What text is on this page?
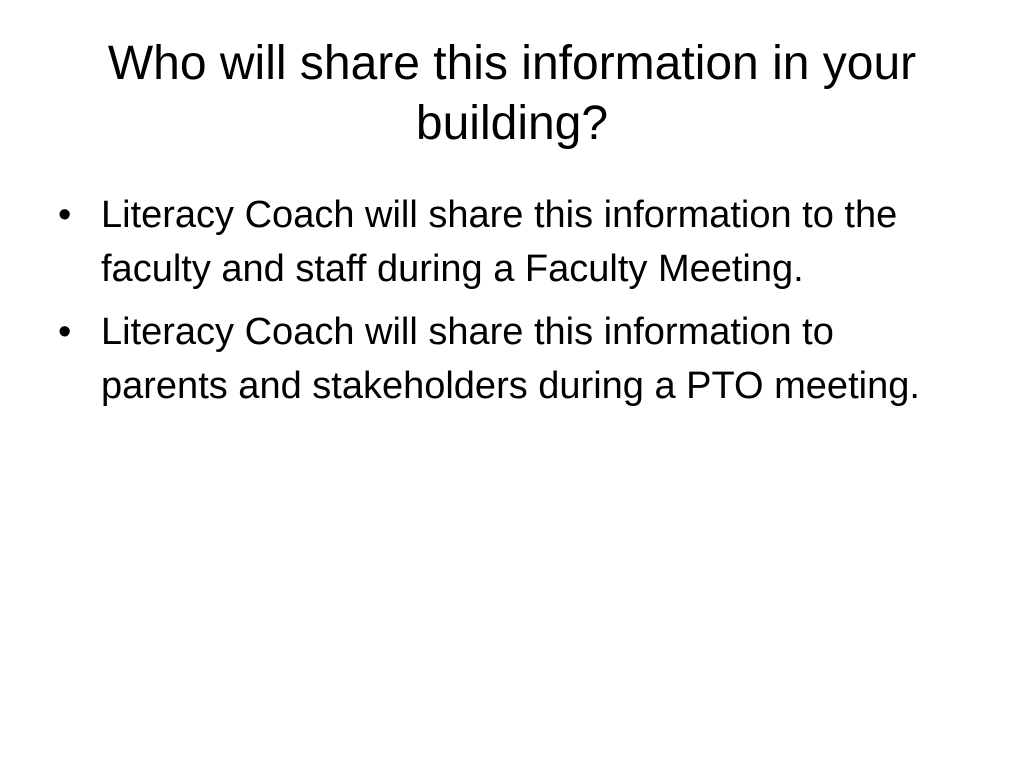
Who will share this information in your building?
• Literacy Coach will share this information to the faculty and staff during a Faculty Meeting.
• Literacy Coach will share this information to parents and stakeholders during a PTO meeting.
